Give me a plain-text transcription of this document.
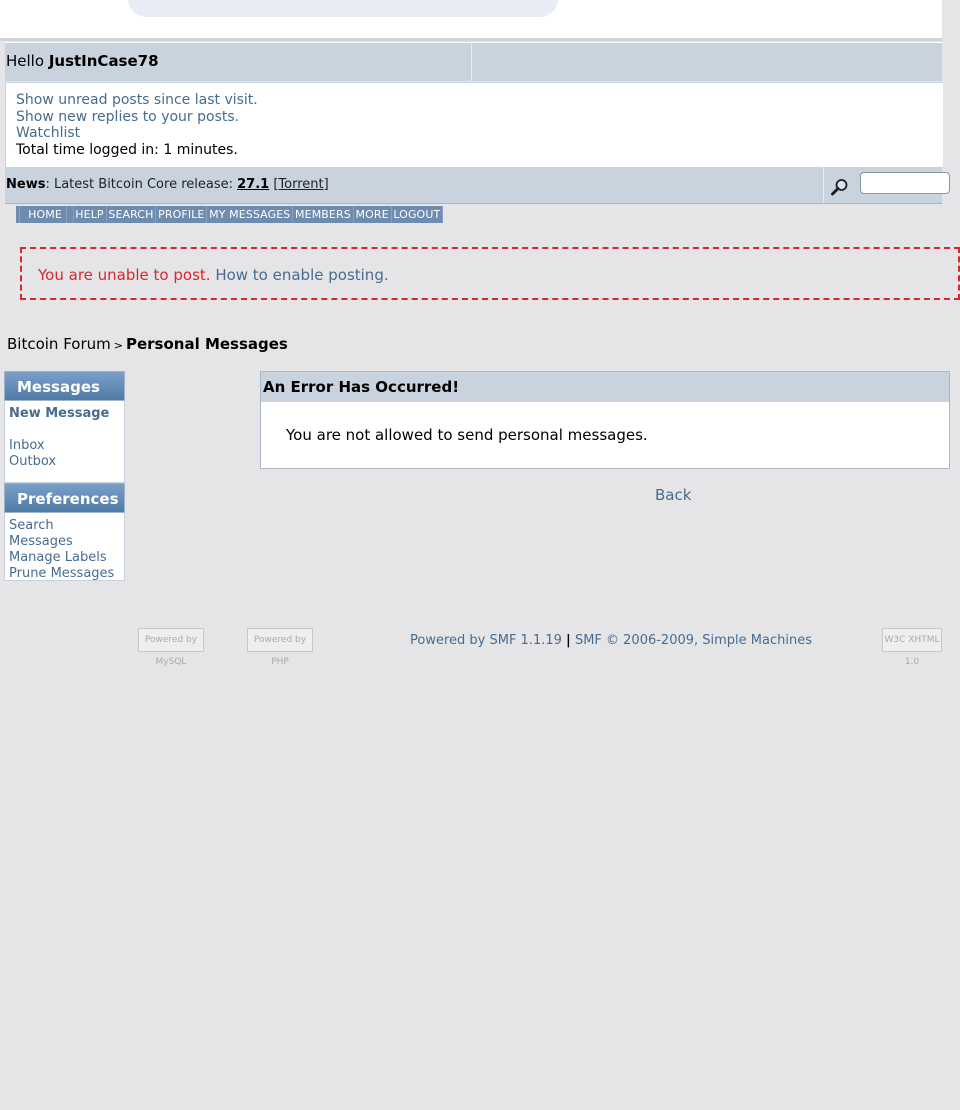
Hello JustInCase78
Show unread posts since last visit.
Show new replies to your posts.
Watchlist
Total time logged in: 1 minutes.
News: Latest Bitcoin Core release: 27.1 [Torrent]
HOME HELP SEARCH PROFILE MY MESSAGES MEMBERS MORE LOGOUT
You are unable to post. How to enable posting.
Bitcoin Forum > Personal Messages
Messages
New Message
Inbox
Outbox
Preferences
Search Messages
Manage Labels
Prune Messages
An Error Has Occurred!
You are not allowed to send personal messages.
Back
Powered by MySQL
Powered by PHP
Powered by SMF 1.1.19 | SMF © 2006-2009, Simple Machines	W3C XHTML 1.0
